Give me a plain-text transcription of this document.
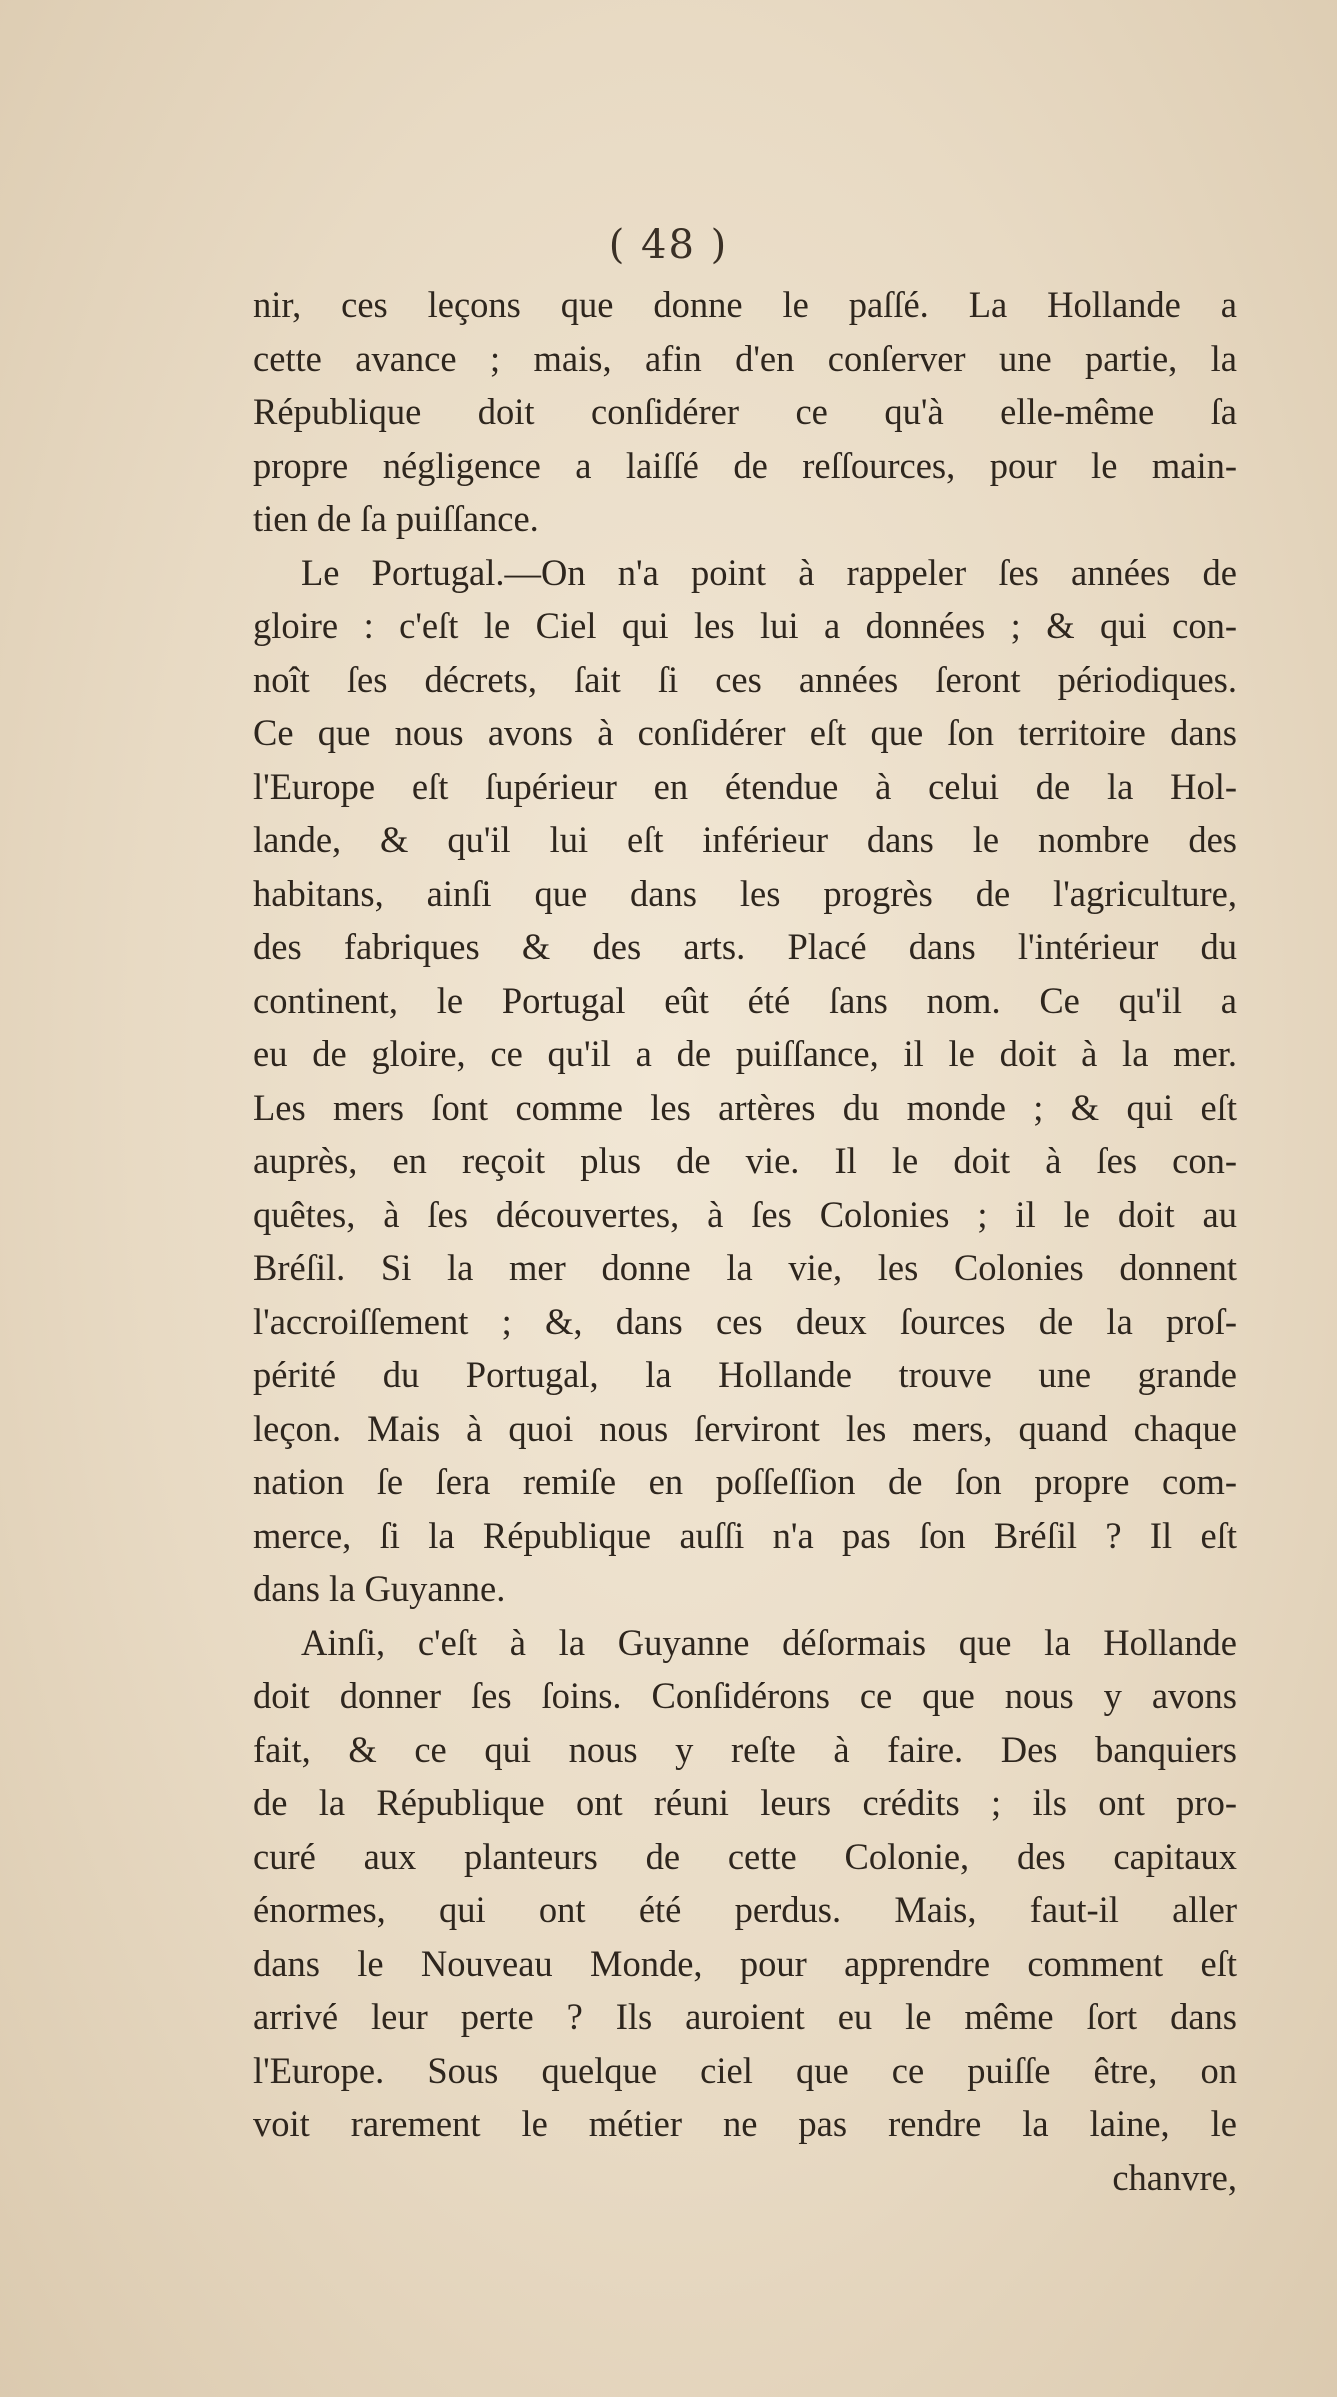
( 48 )
nir, ces leçons que donne le paſſé. La Hollande a
cette avance ; mais, afin d'en conſerver une partie, la
République doit conſidérer ce qu'à elle-même ſa
propre négligence a laiſſé de reſſources, pour le main-
tien de ſa puiſſance.
Le Portugal.—On n'a point à rappeler ſes années de
gloire : c'eſt le Ciel qui les lui a données ; & qui con-
noît ſes décrets, ſait ſi ces années ſeront périodiques.
Ce que nous avons à conſidérer eſt que ſon territoire dans
l'Europe eſt ſupérieur en étendue à celui de la Hol-
lande, & qu'il lui eſt inférieur dans le nombre des
habitans, ainſi que dans les progrès de l'agriculture,
des fabriques & des arts. Placé dans l'intérieur du
continent, le Portugal eût été ſans nom. Ce qu'il a
eu de gloire, ce qu'il a de puiſſance, il le doit à la mer.
Les mers ſont comme les artères du monde ; & qui eſt
auprès, en reçoit plus de vie. Il le doit à ſes con-
quêtes, à ſes découvertes, à ſes Colonies ; il le doit au
Bréſil. Si la mer donne la vie, les Colonies donnent
l'accroiſſement ; &, dans ces deux ſources de la proſ-
périté du Portugal, la Hollande trouve une grande
leçon. Mais à quoi nous ſerviront les mers, quand chaque
nation ſe ſera remiſe en poſſeſſion de ſon propre com-
merce, ſi la République auſſi n'a pas ſon Bréſil ? Il eſt
dans la Guyanne.
Ainſi, c'eſt à la Guyanne déſormais que la Hollande
doit donner ſes ſoins. Conſidérons ce que nous y avons
fait, & ce qui nous y reſte à faire. Des banquiers
de la République ont réuni leurs crédits ; ils ont pro-
curé aux planteurs de cette Colonie, des capitaux
énormes, qui ont été perdus. Mais, faut-il aller
dans le Nouveau Monde, pour apprendre comment eſt
arrivé leur perte ? Ils auroient eu le même ſort dans
l'Europe. Sous quelque ciel que ce puiſſe être, on
voit rarement le métier ne pas rendre la laine, le
chanvre,
